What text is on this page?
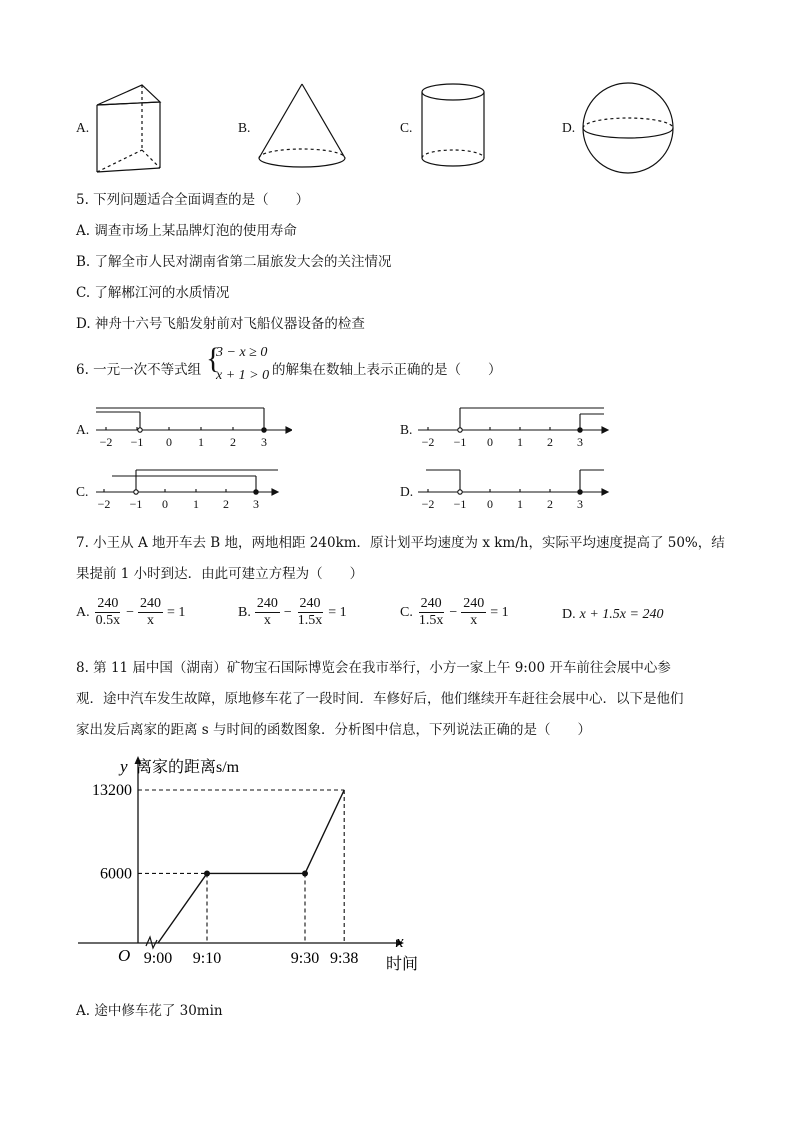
A.	B.	C.	D.
5. 下列问题适合全面调查的是（　　）
A. 调查市场上某品牌灯泡的使用寿命
B. 了解全市人民对湖南省第二届旅发大会的关注情况
C. 了解郴江河的水质情况
D. 神舟十六号飞船发射前对飞船仪器设备的检查
6. 一元一次不等式组 {
3 − x ≥ 0
x + 1 > 0 的解集在数轴上表示正确的是（　　）
A.
−2 −1 0 1 2 3
B.
−2 −1 0 1 2 3
C.
−2 −1 0 1 2 3
D.
−2 −1 0 1 2 3
7. 小王从 A 地开车去 B 地，两地相距 240km．原计划平均速度为 x km/h，实际平均速度提高了 50%，结
果提前 1 小时到达．由此可建立方程为（　　）
A. $\frac{240}{0.5x} - \frac{240}{x} = 1$	B. $\frac{240}{x} - \frac{240}{1.5x} = 1$	C. $\frac{240}{1.5x} - \frac{240}{x} = 1$	D. x + 1.5x = 240
8. 第 11 届中国（湖南）矿物宝石国际博览会在我市举行，小方一家上午 9:00 开车前往会展中心参
观．途中汽车发生故障，原地修车花了一段时间．车修好后，他们继续开车赶往会展中心．以下是他们
家出发后离家的距离 s 与时间的函数图象．分析图中信息，下列说法正确的是（　　）
y 离家的距离s/m
x
时间
O
13200
6000
9:00 9:10	9:30 9:38
A. 途中修车花了 30min
